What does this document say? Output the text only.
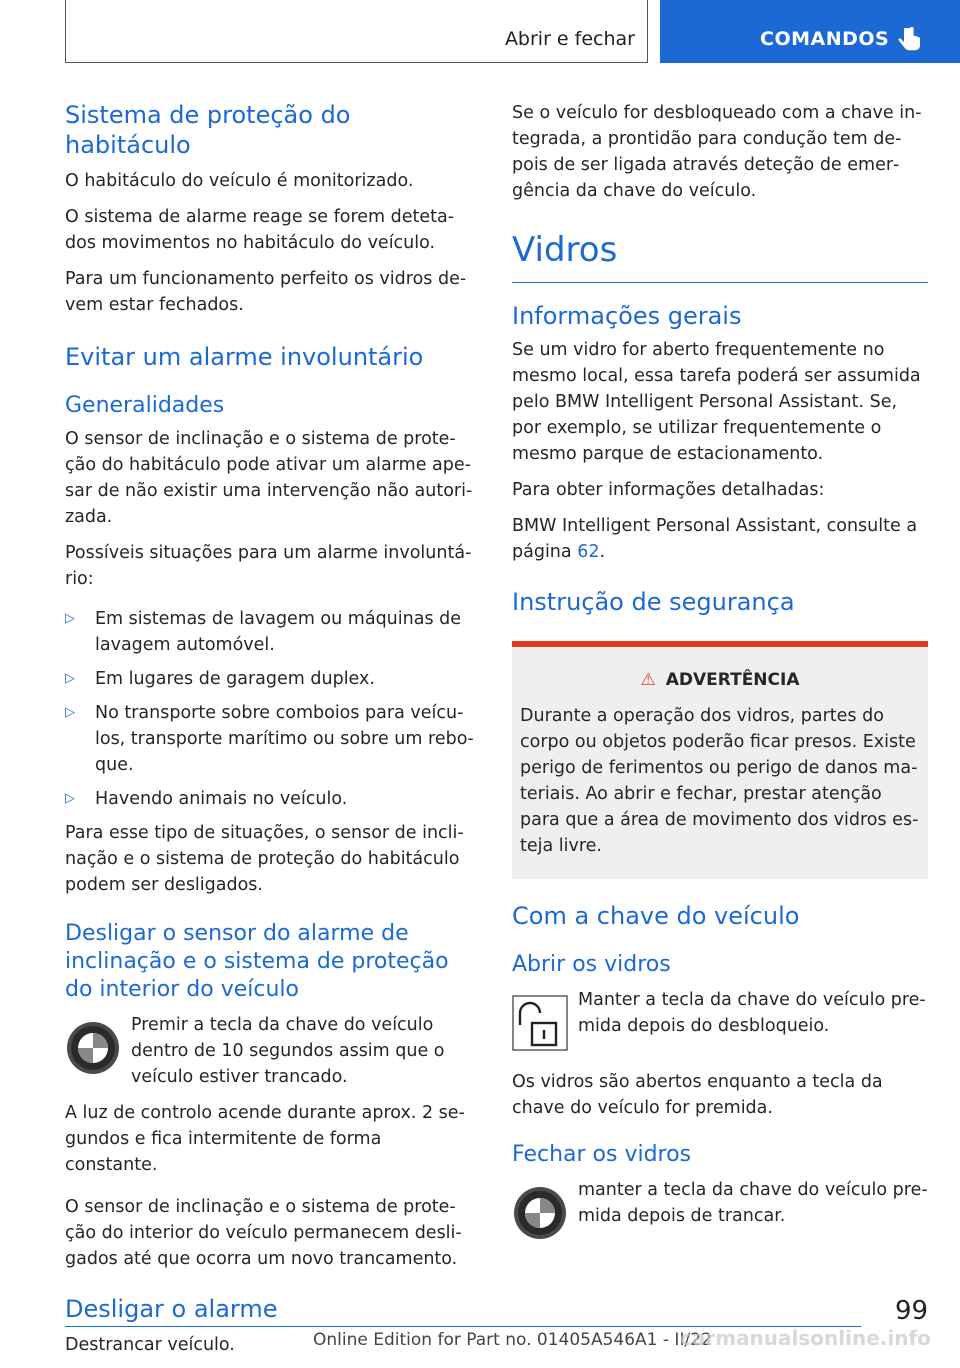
Abrir e fechar	COMANDOS
Sistema de proteção do habitáculo

O habitáculo do veículo é monitorizado.

O sistema de alarme reage se forem detetados movimentos no habitáculo do veículo.

Para um funcionamento perfeito os vidros devem estar fechados.

Evitar um alarme involuntário
Generalidades

O sensor de inclinação e o sistema de proteção do habitáculo pode ativar um alarme apesar de não existir uma intervenção não autorizada.

Possíveis situações para um alarme involuntário:

▷ Em sistemas de lavagem ou máquinas de lavagem automóvel.
▷ Em lugares de garagem duplex.
▷ No transporte sobre comboios para veículos, transporte marítimo ou sobre um reboque.
▷ Havendo animais no veículo.

Para esse tipo de situações, o sensor de inclinação e o sistema de proteção do habitáculo podem ser desligados.

Desligar o sensor do alarme de inclinação e o sistema de proteção do interior do veículo
Premir a tecla da chave do veículo dentro de 10 segundos assim que o veículo estiver trancado.

A luz de controlo acende durante aprox. 2 segundos e fica intermitente de forma constante.

O sensor de inclinação e o sistema de proteção do interior do veículo permanecem desligados até que ocorra um novo trancamento.

Desligar o alarme

Destrancar veículo.

Se o veículo for desbloqueado com a chave integrada, a prontidão para condução tem depois de ser ligada através deteção de emergência da chave do veículo.

Vidros
Informações gerais

Se um vidro for aberto frequentemente no mesmo local, essa tarefa poderá ser assumida pelo BMW Intelligent Personal Assistant. Se, por exemplo, se utilizar frequentemente o mesmo parque de estacionamento.

Para obter informações detalhadas:

BMW Intelligent Personal Assistant, consulte a página 62.

Instrução de segurança
⚠ ADVERTÊNCIA
Durante a operação dos vidros, partes do corpo ou objetos poderão ficar presos. Existe perigo de ferimentos ou perigo de danos materiais. Ao abrir e fechar, prestar atenção para que a área de movimento dos vidros esteja livre.
Com a chave do veículo
Abrir os vidros
Manter a tecla da chave do veículo premida depois do desbloqueio.

Os vidros são abertos enquanto a tecla da chave do veículo for premida.

Fechar os vidros
manter a tecla da chave do veículo premida depois de trancar.
99
Online Edition for Part no. 01405A546A1 - II/22
carmanualsonline.info
